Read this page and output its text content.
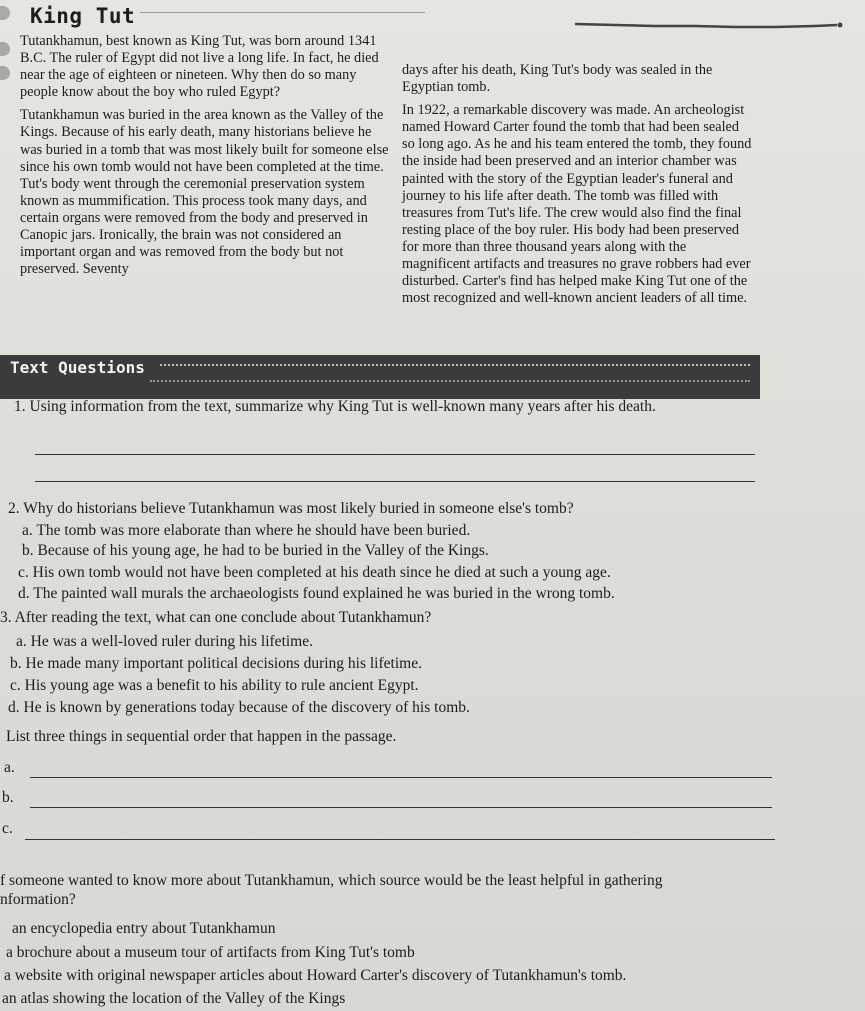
King Tut

Tutankhamun, best known as King Tut, was born around 1341 B.C. The ruler of Egypt did not live a long life. In fact, he died near the age of eighteen or nineteen. Why then do so many people know about the boy who ruled Egypt?

Tutankhamun was buried in the area known as the Valley of the Kings. Because of his early death, many historians believe he was buried in a tomb that was most likely built for someone else since his own tomb would not have been completed at the time. Tut's body went through the ceremonial preservation system known as mummification. This process took many days, and certain organs were removed from the body and preserved in Canopic jars. Ironically, the brain was not considered an important organ and was removed from the body but not preserved. Seventy

days after his death, King Tut's body was sealed in the Egyptian tomb.

In 1922, a remarkable discovery was made. An archeologist named Howard Carter found the tomb that had been sealed so long ago. As he and his team entered the tomb, they found the inside had been preserved and an interior chamber was painted with the story of the Egyptian leader's funeral and journey to his life after death. The tomb was filled with treasures from Tut's life. The crew would also find the final resting place of the boy ruler. His body had been preserved for more than three thousand years along with the magnificent artifacts and treasures no grave robbers had ever disturbed. Carter's find has helped make King Tut one of the most recognized and well-known ancient leaders of all time.

Text Questions
1. Using information from the text, summarize why King Tut is well-known many years after his death.
2. Why do historians believe Tutankhamun was most likely buried in someone else's tomb?
a. The tomb was more elaborate than where he should have been buried.
b. Because of his young age, he had to be buried in the Valley of the Kings.
c. His own tomb would not have been completed at his death since he died at such a young age.
d. The painted wall murals the archaeologists found explained he was buried in the wrong tomb.
3. After reading the text, what can one conclude about Tutankhamun?
a. He was a well-loved ruler during his lifetime.
b. He made many important political decisions during his lifetime.
c. His young age was a benefit to his ability to rule ancient Egypt.
d. He is known by generations today because of the discovery of his tomb.
List three things in sequential order that happen in the passage.
a.
b.
c.
f someone wanted to know more about Tutankhamun, which source would be the least helpful in gathering
nformation?
an encyclopedia entry about Tutankhamun
a brochure about a museum tour of artifacts from King Tut's tomb
a website with original newspaper articles about Howard Carter's discovery of Tutankhamun's tomb.
an atlas showing the location of the Valley of the Kings
